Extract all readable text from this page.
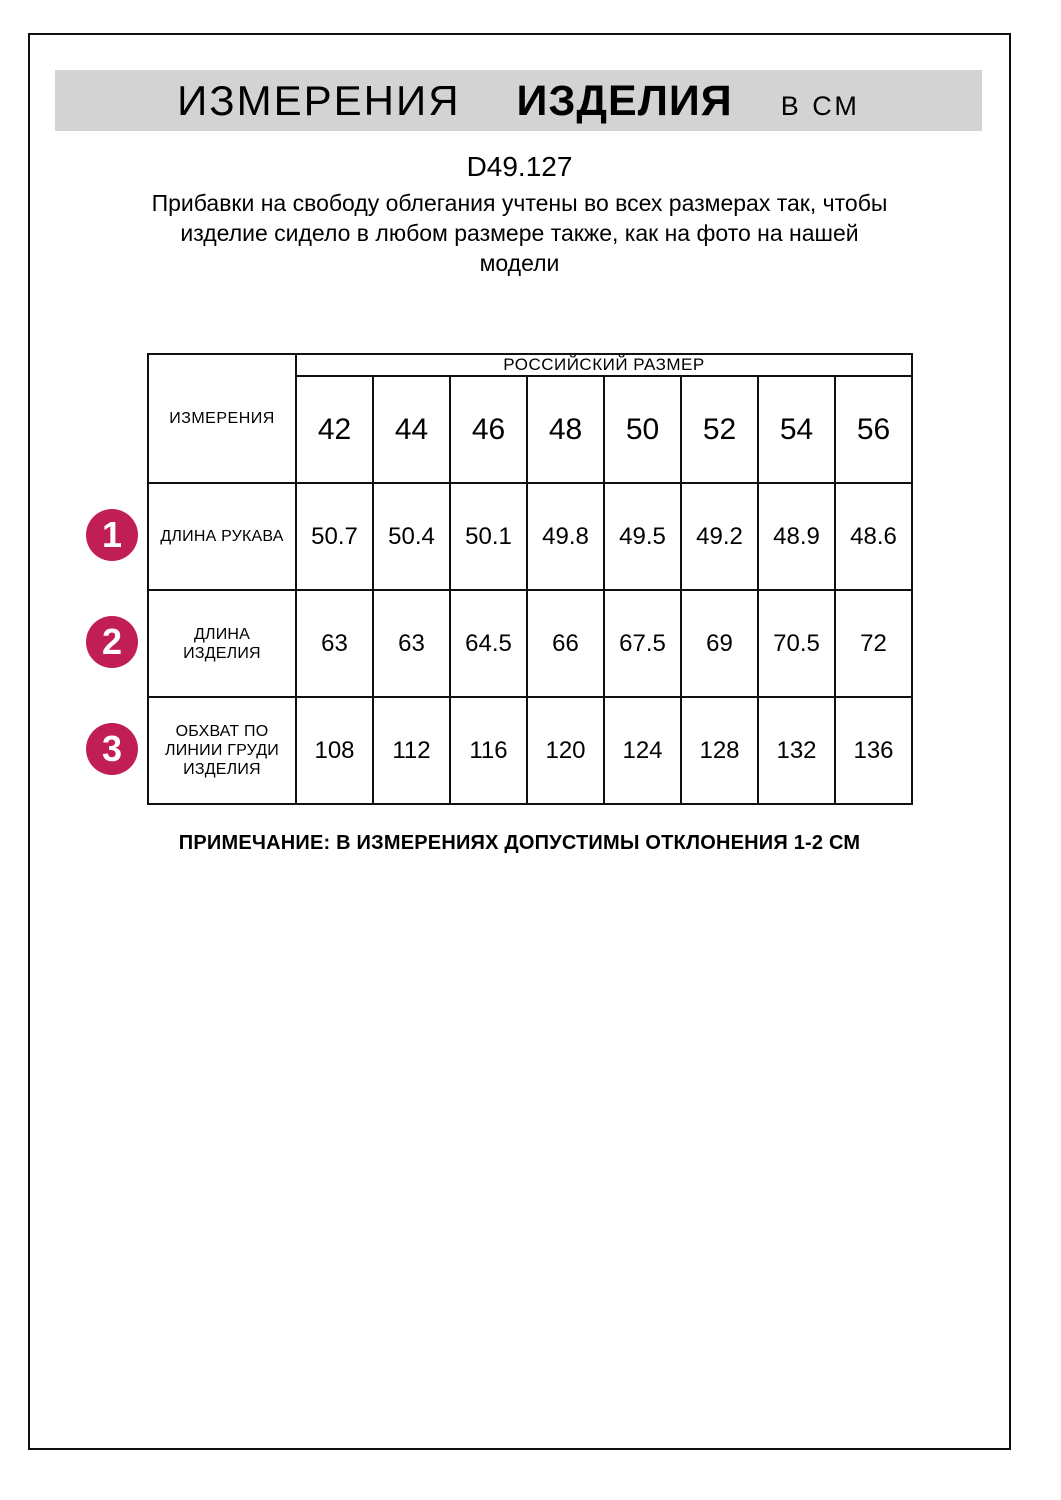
ИЗМЕРЕНИЯ ИЗДЕЛИЯ В СМ
D49.127
Прибавки на свободу облегания учтены во всех размерах так, чтобы
изделие сидело в любом размере также, как на фото на нашей
модели
ИЗМЕРЕНИЯ	РОССИЙСКИЙ РАЗМЕР							
	42	44	46	48	50	52	54	56
ДЛИНА РУКАВА	50.7	50.4	50.1	49.8	49.5	49.2	48.9	48.6
ДЛИНА
ИЗДЕЛИЯ	63	63	64.5	66	67.5	69	70.5	72
ОБХВАТ ПО
ЛИНИИ ГРУДИ
ИЗДЕЛИЯ	108	112	116	120	124	128	132	136
ПРИМЕЧАНИЕ: В ИЗМЕРЕНИЯХ ДОПУСТИМЫ ОТКЛОНЕНИЯ 1-2 СМ
1
2
3
